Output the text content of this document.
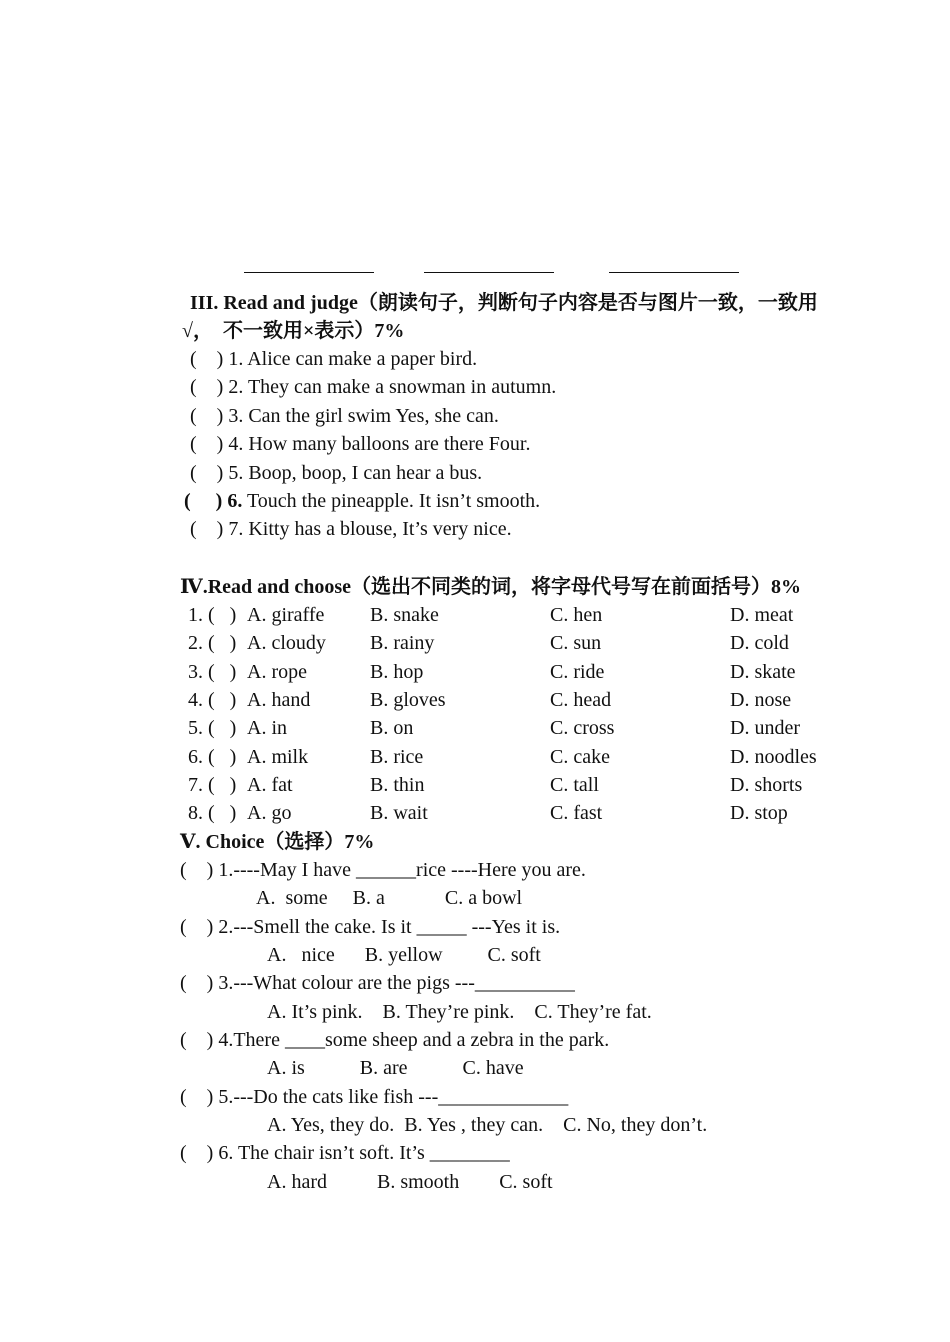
III. Read and judge（朗读句子，判断句子内容是否与图片一致，一致用
√，  不一致用×表示）7%
(    ) 1. Alice can make a paper bird.
(    ) 2. They can make a snowman in autumn.
(    ) 3. Can the girl swim Yes, she can.
(    ) 4. How many balloons are there Four.
(    ) 5. Boop, boop, I can hear a bus.
(     ) 6. Touch the pineapple. It isn’t smooth.
(    ) 7. Kitty has a blouse, It’s very nice.
Ⅳ.Read and choose（选出不同类的词，将字母代号写在前面括号）8%
1. (   ) A. giraffe B. snake	C. hen	D. meat
2. (   ) A. cloudy B. rainy	C. sun	D. cold
3. (   ) A. rope	B. hop	C. ride	D. skate
4. (   ) A. hand	B. gloves	C. head	D. nose
5. (   ) A. in	B. on	C. cross	D. under
6. (   ) A. milk	B. rice	C. cake	D. noodles
7. (   ) A. fat	B. thin	C. tall	D. shorts
8. (   ) A. go	B. wait	C. fast	D. stop
Ⅴ. Choice（选择）7%
(    ) 1.----May I have ______rice ----Here you are.
A.  some     B. a            C. a bowl
(    ) 2.---Smell the cake. Is it _____ ---Yes it is.
A.   nice      B. yellow         C. soft
(    ) 3.---What colour are the pigs ---__________
A. It’s pink.    B. They’re pink.    C. They’re fat.
(    ) 4.There ____some sheep and a zebra in the park.
A. is           B. are           C. have
(    ) 5.---Do the cats like fish ---_____________
A. Yes, they do.  B. Yes , they can.    C. No, they don’t.
(    ) 6. The chair isn’t soft. It’s ________
A. hard          B. smooth        C. soft
